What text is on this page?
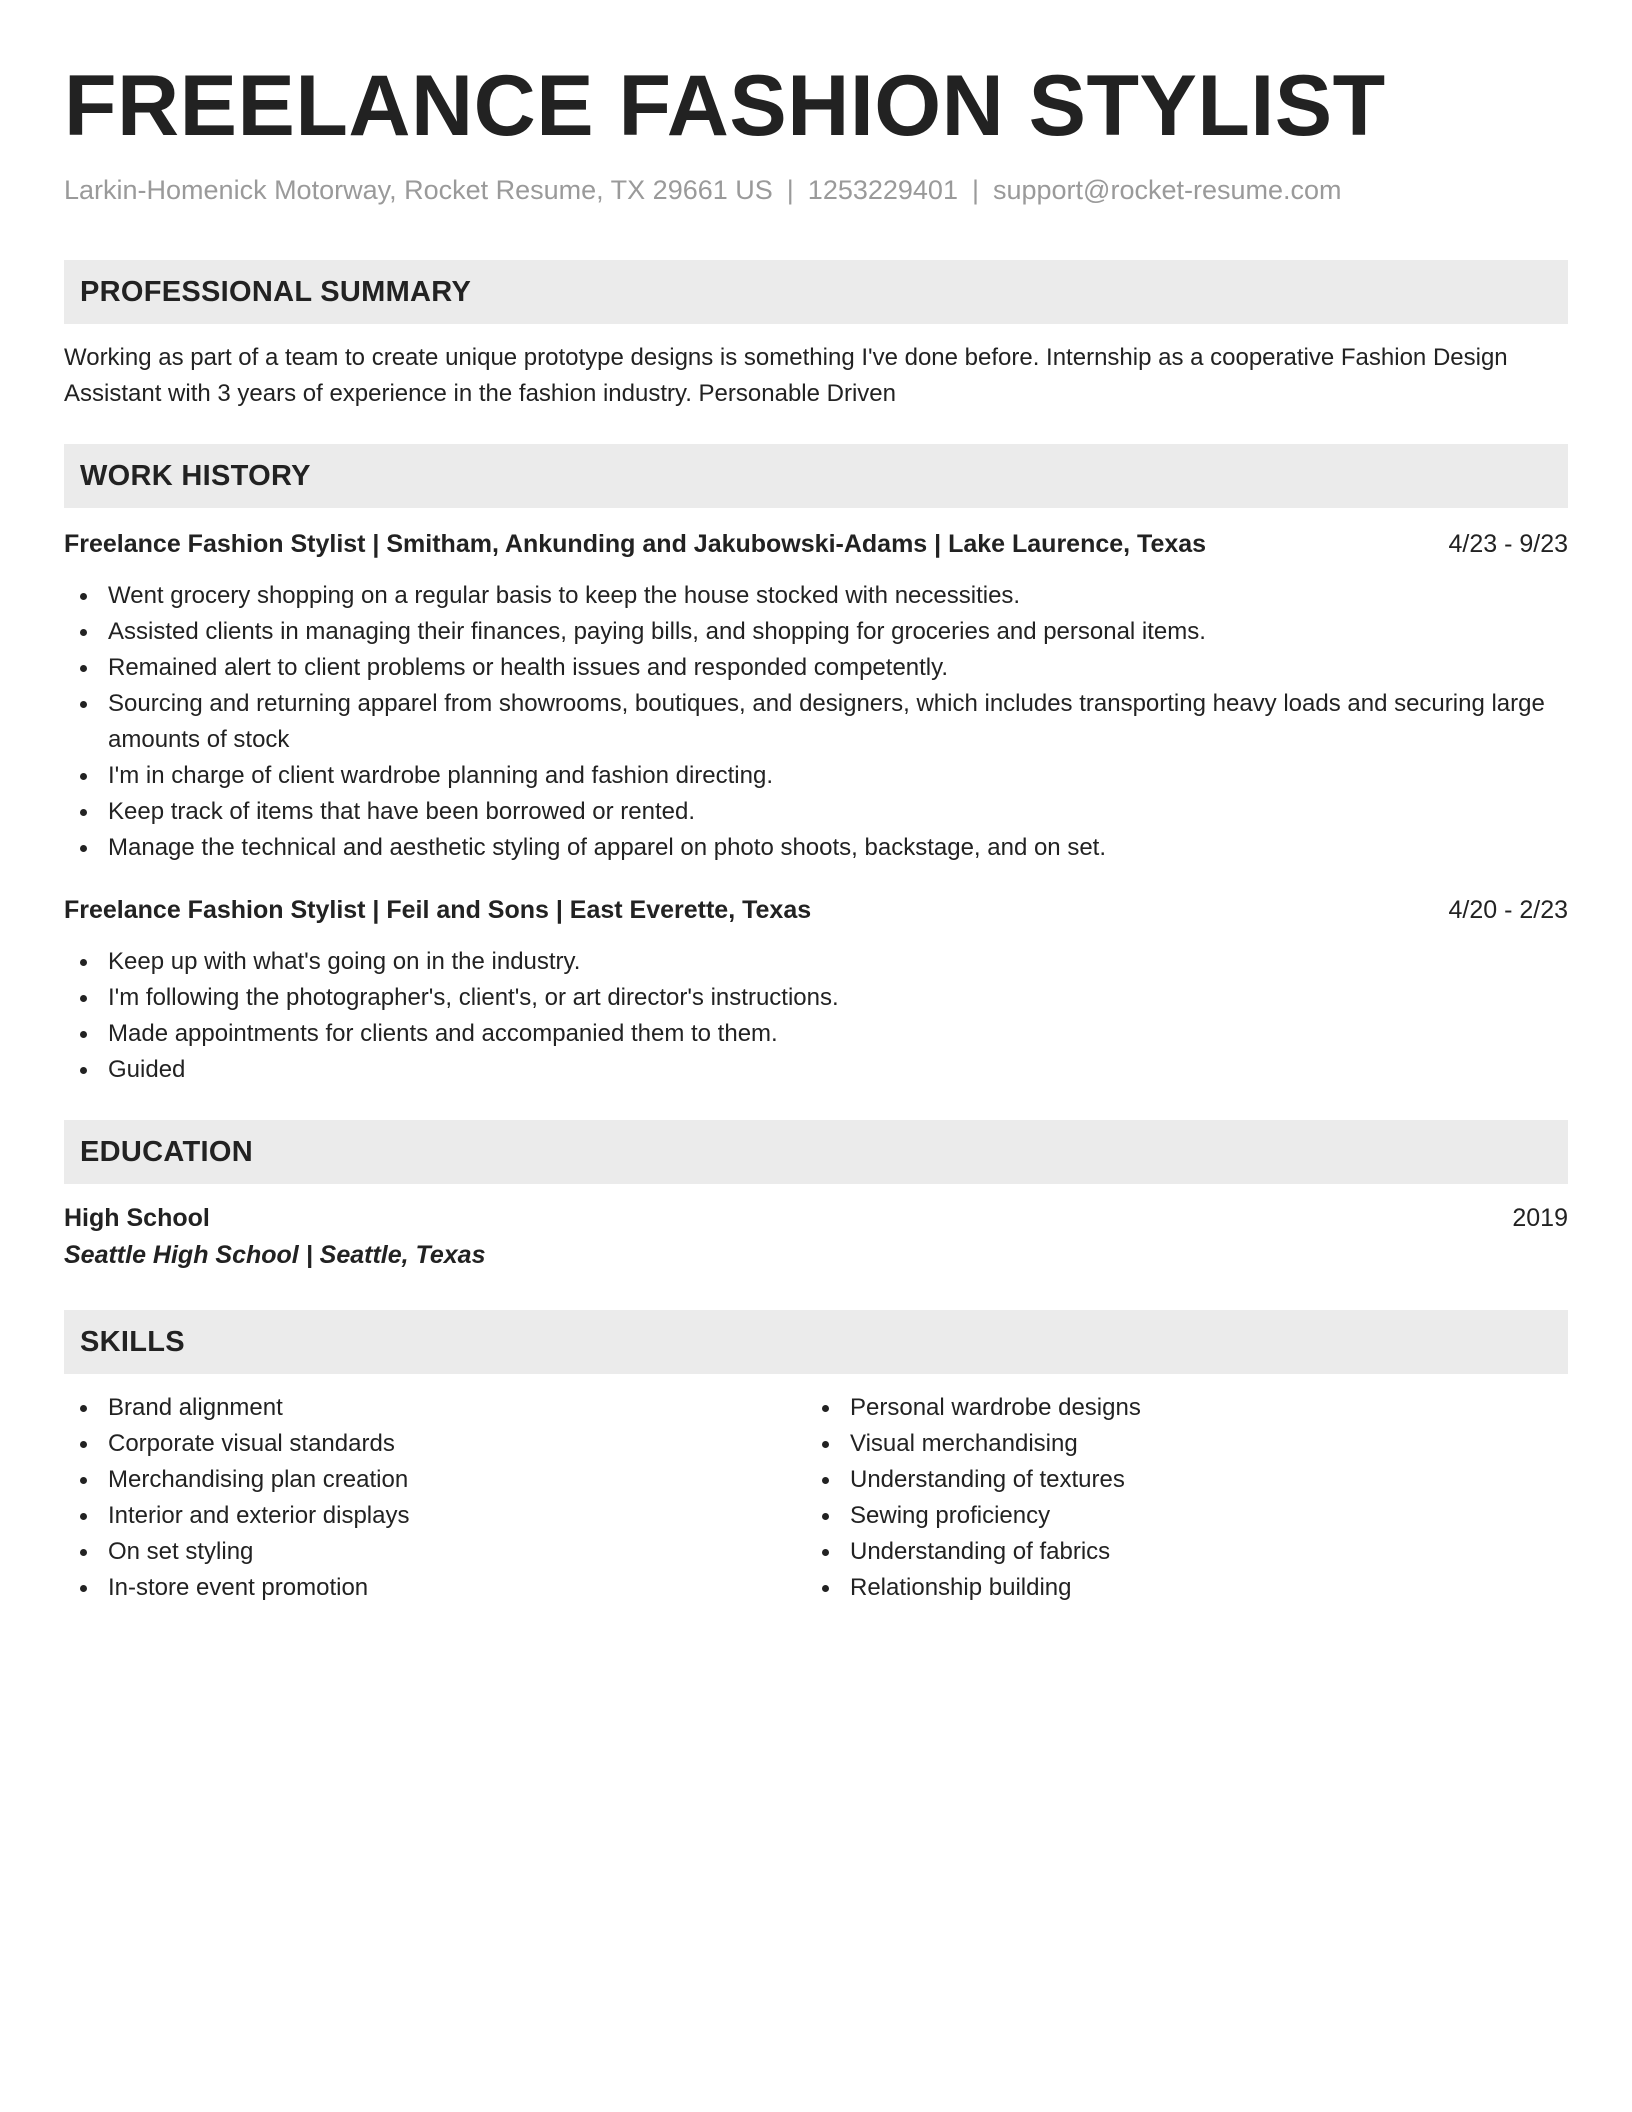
FREELANCE FASHION STYLIST
Larkin-Homenick Motorway, Rocket Resume, TX 29661 US | 1253229401 | support@rocket-resume.com
PROFESSIONAL SUMMARY
Working as part of a team to create unique prototype designs is something I've done before. Internship as a cooperative Fashion Design Assistant with 3 years of experience in the fashion industry. Personable Driven
WORK HISTORY
Freelance Fashion Stylist | Smitham, Ankunding and Jakubowski-Adams | Lake Laurence, Texas	4/23 - 9/23
Went grocery shopping on a regular basis to keep the house stocked with necessities.
Assisted clients in managing their finances, paying bills, and shopping for groceries and personal items.
Remained alert to client problems or health issues and responded competently.
Sourcing and returning apparel from showrooms, boutiques, and designers, which includes transporting heavy loads and securing large amounts of stock
I'm in charge of client wardrobe planning and fashion directing.
Keep track of items that have been borrowed or rented.
Manage the technical and aesthetic styling of apparel on photo shoots, backstage, and on set.
Freelance Fashion Stylist | Feil and Sons | East Everette, Texas	4/20 - 2/23
Keep up with what's going on in the industry.
I'm following the photographer's, client's, or art director's instructions.
Made appointments for clients and accompanied them to them.
Guided
EDUCATION
High School	2019
Seattle High School | Seattle, Texas
SKILLS
Brand alignment
Corporate visual standards
Merchandising plan creation
Interior and exterior displays
On set styling
In-store event promotion
Personal wardrobe designs
Visual merchandising
Understanding of textures
Sewing proficiency
Understanding of fabrics
Relationship building
